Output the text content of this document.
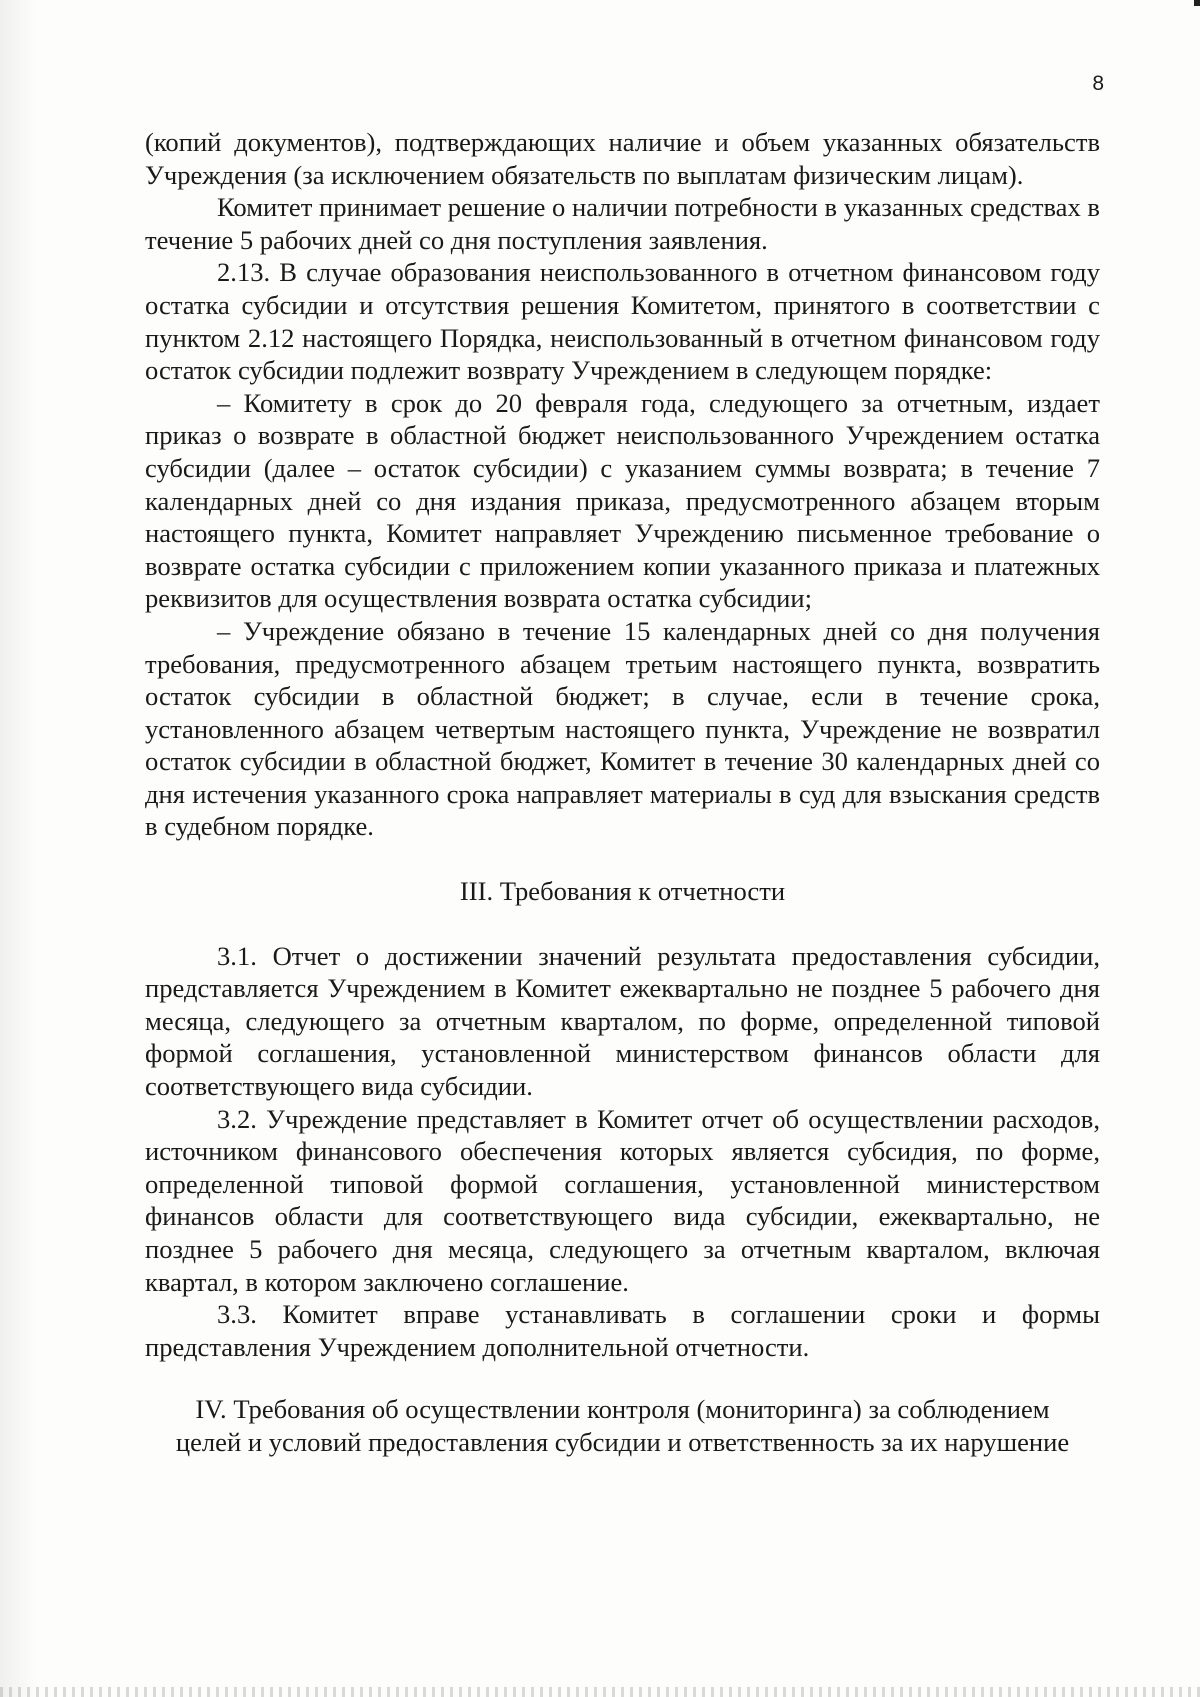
8

(копий документов), подтверждающих наличие и объем указанных обязательств Учреждения (за исключением обязательств по выплатам физическим лицам).

Комитет принимает решение о наличии потребности в указанных средствах в течение 5 рабочих дней со дня поступления заявления.

2.13. В случае образования неиспользованного в отчетном финансовом году остатка субсидии и отсутствия решения Комитетом, принятого в соответствии с пунктом 2.12 настоящего Порядка, неиспользованный в отчетном финансовом году остаток субсидии подлежит возврату Учреждением в следующем порядке:

– Комитету в срок до 20 февраля года, следующего за отчетным, издает приказ о возврате в областной бюджет неиспользованного Учреждением остатка субсидии (далее – остаток субсидии) с указанием суммы возврата; в течение 7 календарных дней со дня издания приказа, предусмотренного абзацем вторым настоящего пункта, Комитет направляет Учреждению письменное требование о возврате остатка субсидии с приложением копии указанного приказа и платежных реквизитов для осуществления возврата остатка субсидии;

– Учреждение обязано в течение 15 календарных дней со дня получения требования, предусмотренного абзацем третьим настоящего пункта, возвратить остаток субсидии в областной бюджет; в случае, если в течение срока, установленного абзацем четвертым настоящего пункта, Учреждение не возвратил остаток субсидии в областной бюджет, Комитет в течение 30 календарных дней со дня истечения указанного срока направляет материалы в суд для взыскания средств в судебном порядке.

III. Требования к отчетности

3.1. Отчет о достижении значений результата предоставления субсидии, представляется Учреждением в Комитет ежеквартально не позднее 5 рабочего дня месяца, следующего за отчетным кварталом, по форме, определенной типовой формой соглашения, установленной министерством финансов области для соответствующего вида субсидии.

3.2. Учреждение представляет в Комитет отчет об осуществлении расходов, источником финансового обеспечения которых является субсидия, по форме, определенной типовой формой соглашения, установленной министерством финансов области для соответствующего вида субсидии, ежеквартально, не позднее 5 рабочего дня месяца, следующего за отчетным кварталом, включая квартал, в котором заключено соглашение.

3.3. Комитет вправе устанавливать в соглашении сроки и формы представления Учреждением дополнительной отчетности.

IV. Требования об осуществлении контроля (мониторинга) за соблюдением
целей и условий предоставления субсидии и ответственность за их нарушение
